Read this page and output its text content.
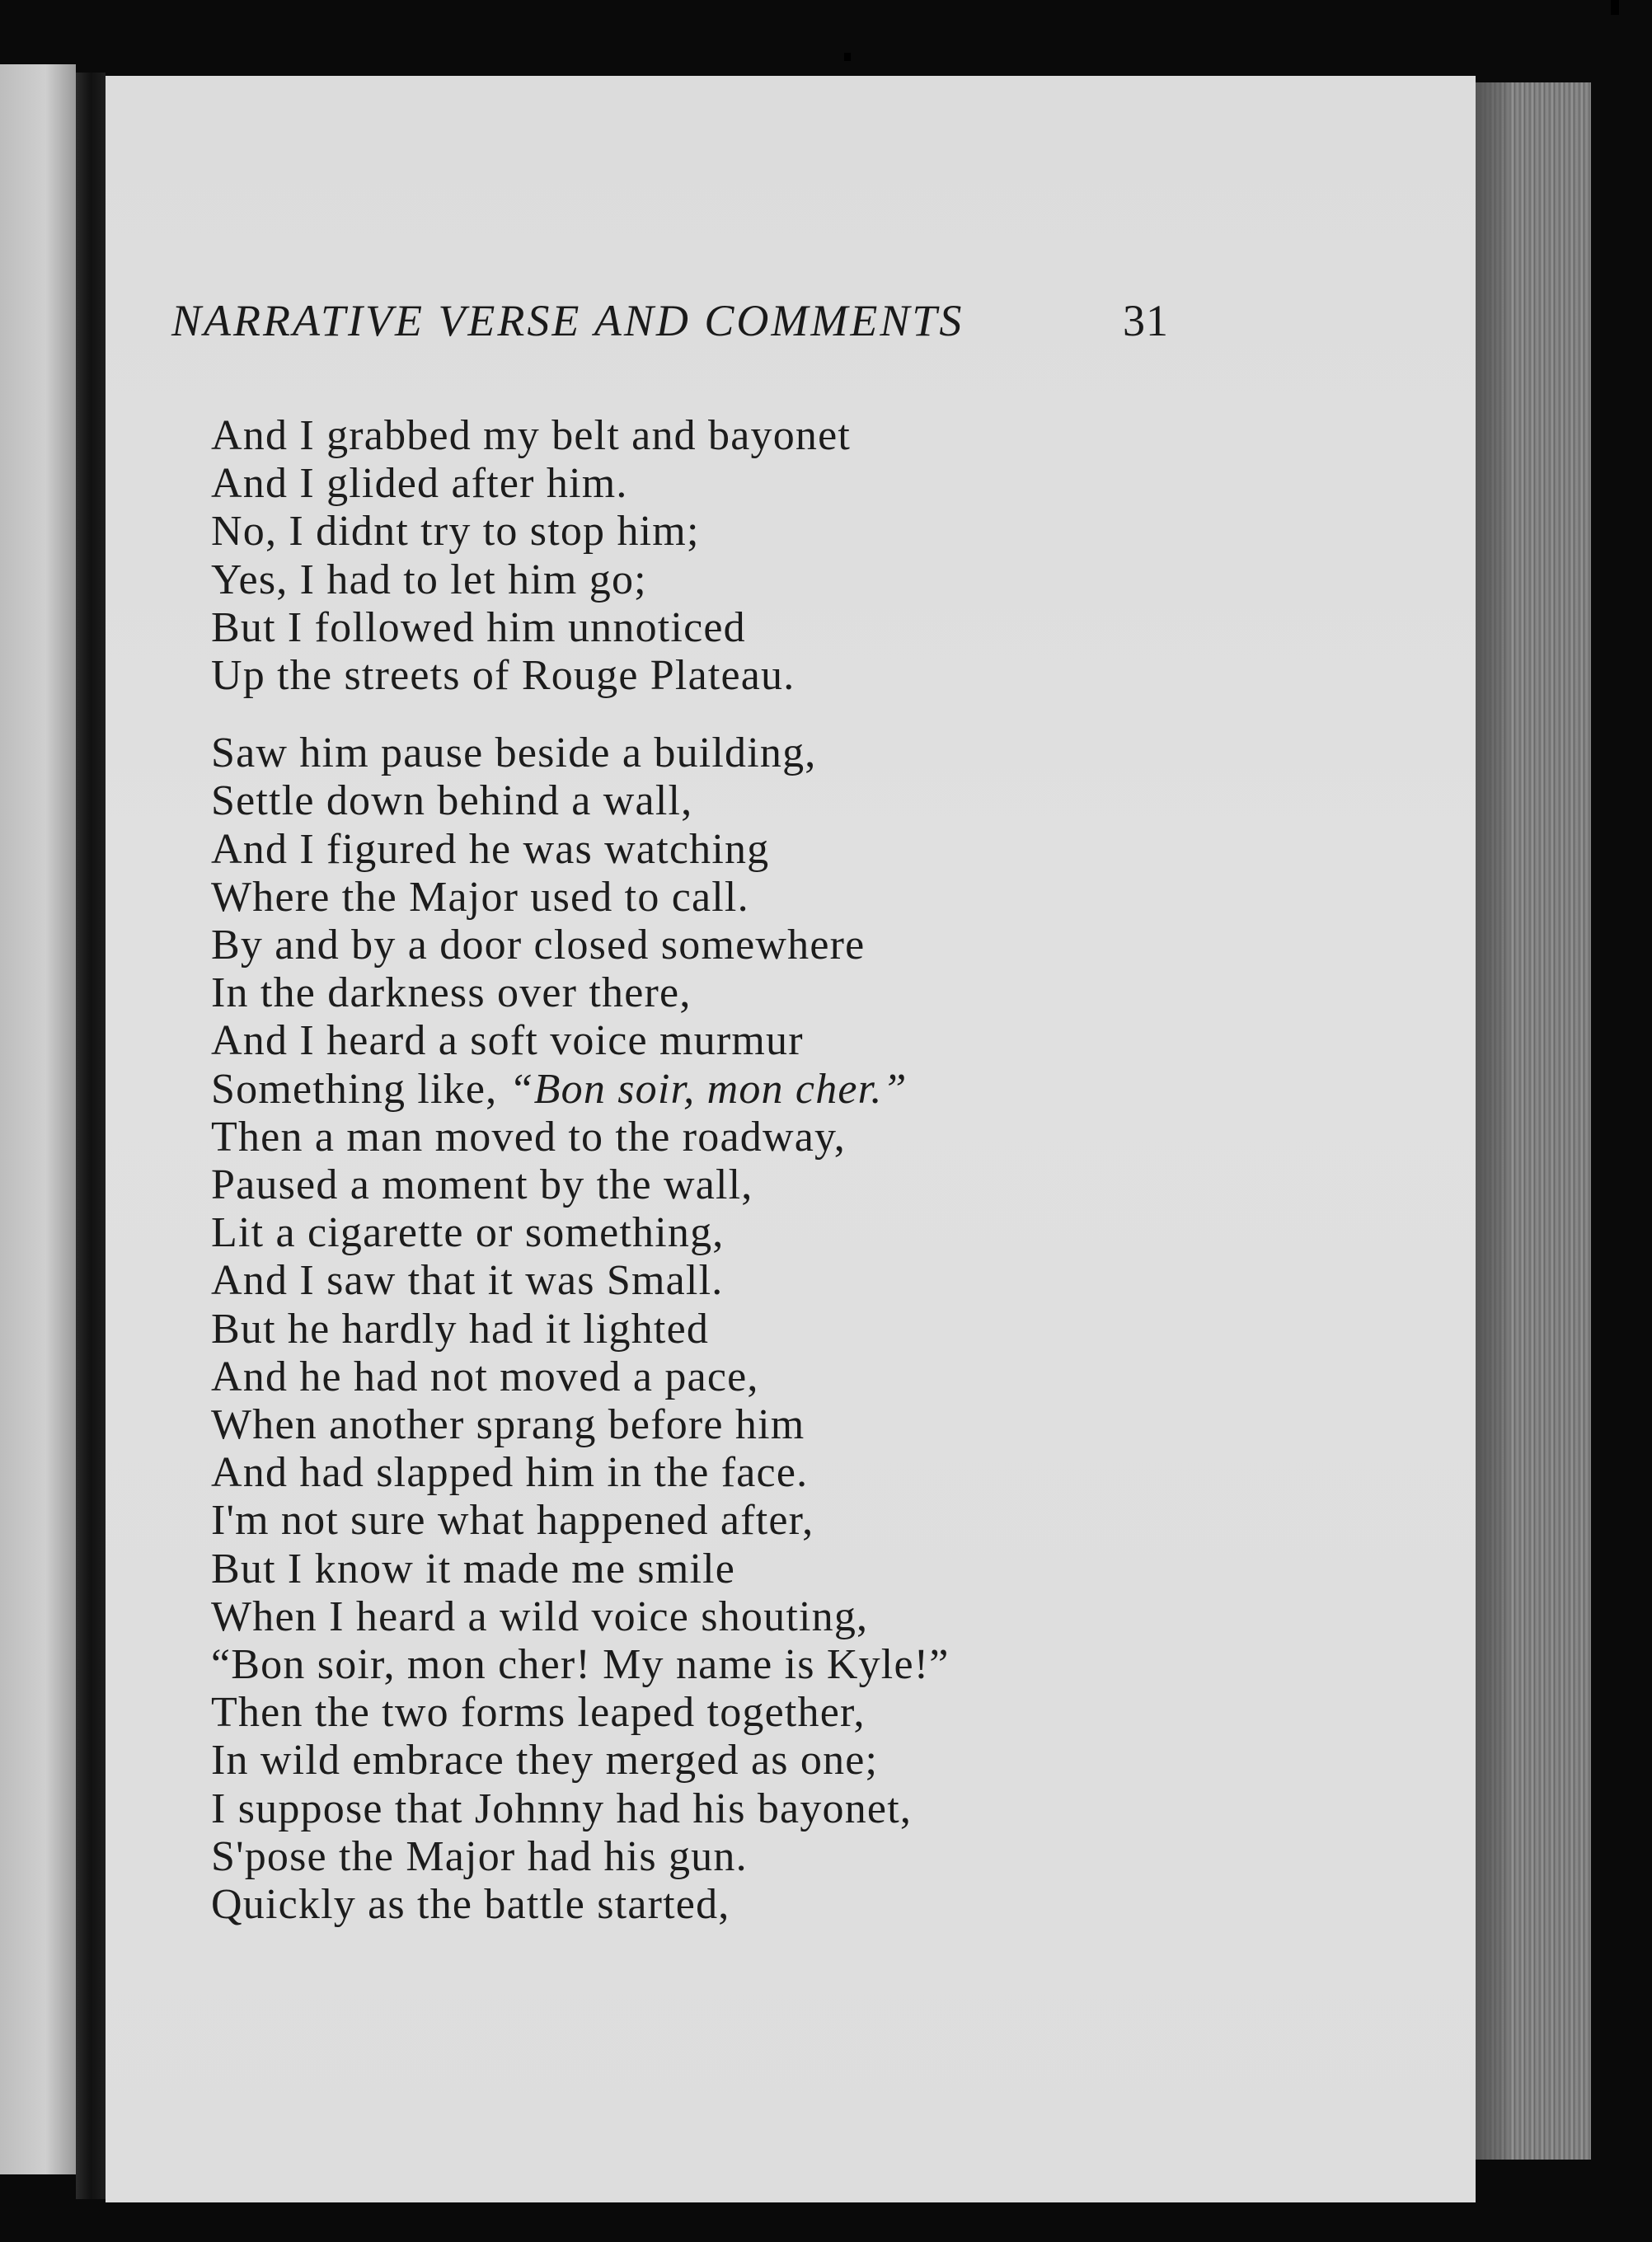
NARRATIVE VERSE AND COMMENTS	31
And I grabbed my belt and bayonet
And I glided after him.
No, I didnt try to stop him;
Yes, I had to let him go;
But I followed him unnoticed
Up the streets of Rouge Plateau.
Saw him pause beside a building,
Settle down behind a wall,
And I figured he was watching
Where the Major used to call.
By and by a door closed somewhere
In the darkness over there,
And I heard a soft voice murmur
Something like, “Bon soir, mon cher.”
Then a man moved to the roadway,
Paused a moment by the wall,
Lit a cigarette or something,
And I saw that it was Small.
But he hardly had it lighted
And he had not moved a pace,
When another sprang before him
And had slapped him in the face.
I'm not sure what happened after,
But I know it made me smile
When I heard a wild voice shouting,
“Bon soir, mon cher! My name is Kyle!”
Then the two forms leaped together,
In wild embrace they merged as one;
I suppose that Johnny had his bayonet,
S'pose the Major had his gun.
Quickly as the battle started,
